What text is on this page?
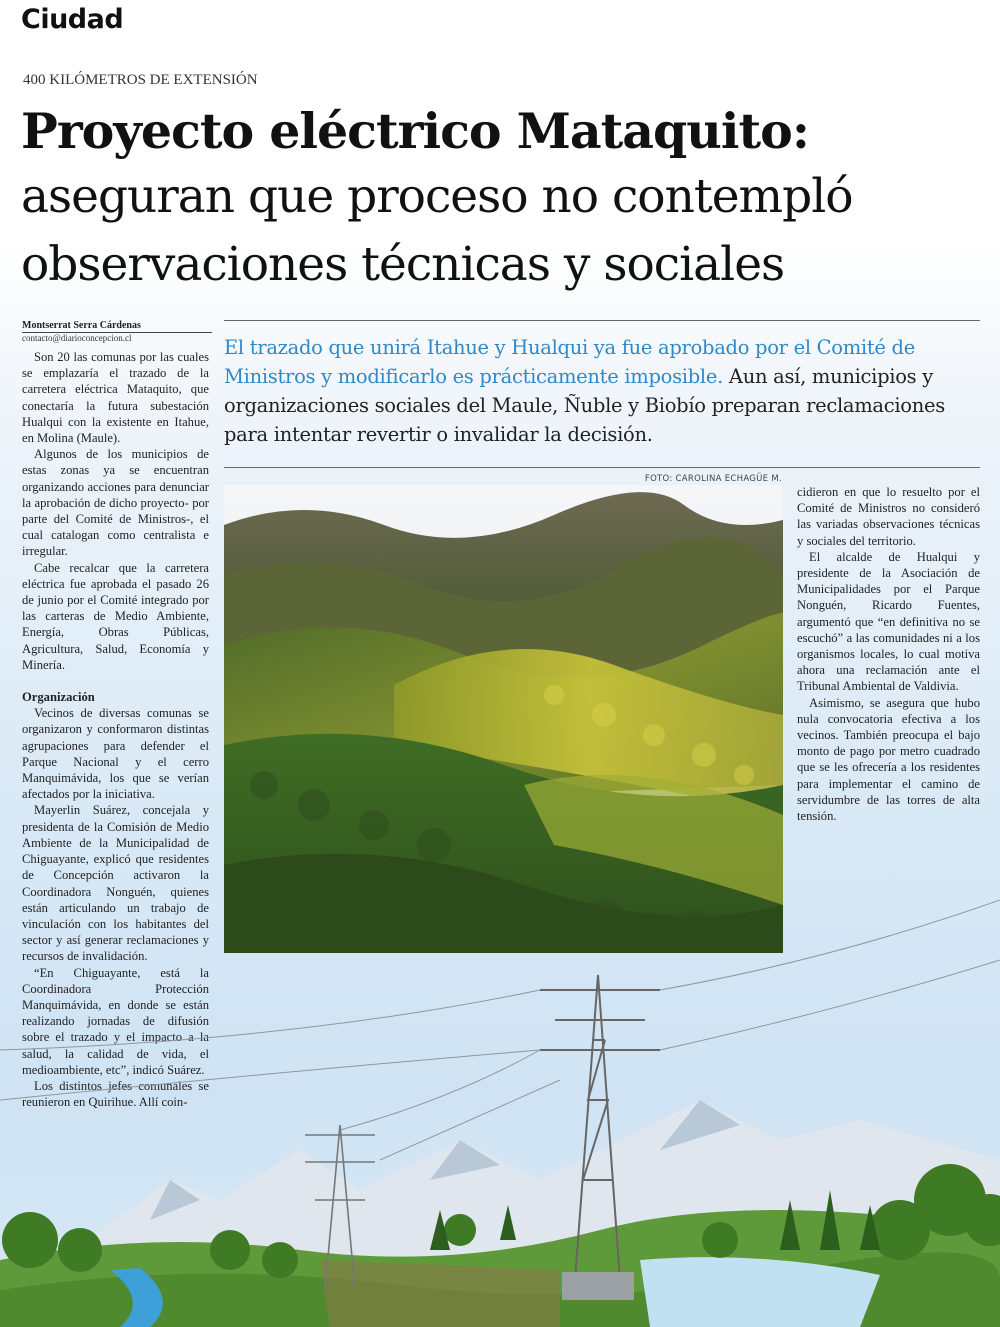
Ciudad
400 KILÓMETROS DE EXTENSIÓN
Proyecto eléctrico Mataquito:
aseguran que proceso no contempló
observaciones técnicas y sociales
Montserrat Serra Cárdenas
contacto@diarioconcepcion.cl	El trazado que unirá Itahue y Hualqui ya fue aprobado por el Comité de Ministros y modificarlo es prácticamente imposible. Aun así, municipios y organizaciones sociales del Maule, Ñuble y Biobío preparan reclamaciones para intentar revertir o invalidar la decisión.

FOTO: CAROLINA ECHAGÜE M.

Son 20 las comunas por las cuales se emplazaría el trazado de la carretera eléctrica Mataquito, que conectaría la futura subestación Hualqui con la existente en Itahue, en Molina (Maule).

Algunos de los municipios de estas zonas ya se encuentran organizando acciones para denunciar la aprobación de dicho proyecto- por parte del Comité de Ministros-, el cual catalogan como centralista e irregular.

Cabe recalcar que la carretera eléctrica fue aprobada el pasado 26 de junio por el Comité integrado por las carteras de Medio Ambiente, Energía, Obras Públicas, Agricultura, Salud, Economía y Minería.

Organización

Vecinos de diversas comunas se organizaron y conformaron distintas agrupaciones para defender el Parque Nacional y el cerro Manquimávida, los que se verían afectados por la iniciativa.

Mayerlin Suárez, concejala y presidenta de la Comisión de Medio Ambiente de la Municipalidad de Chiguayante, explicó que residentes de Concepción activaron la Coordinadora Nonguén, quienes están articulando un trabajo de vinculación con los habitantes del sector y así generar reclamaciones y recursos de invalidación.

“En Chiguayante, está la Coordinadora Protección Manquimávida, en donde se están realizando jornadas de difusión sobre el trazado y el impacto a la salud, la calidad de vida, el medioambiente, etc”, indicó Suárez.

Los distintos jefes comunales se reunieron en Quirihue. Allí coin-

cidieron en que lo resuelto por el Comité de Ministros no consideró las variadas observaciones técnicas y sociales del territorio.

El alcalde de Hualqui y presidente de la Asociación de Municipalidades por el Parque Nonguén, Ricardo Fuentes, argumentó que “en definitiva no se escuchó” a las comunidades ni a los organismos locales, lo cual motiva ahora una reclamación ante el Tribunal Ambiental de Valdivia.

Asimismo, se asegura que hubo nula convocatoria efectiva a los vecinos. También preocupa el bajo monto de pago por metro cuadrado que se les ofrecería a los residentes para implementar el camino de servidumbre de las torres de alta tensión.
